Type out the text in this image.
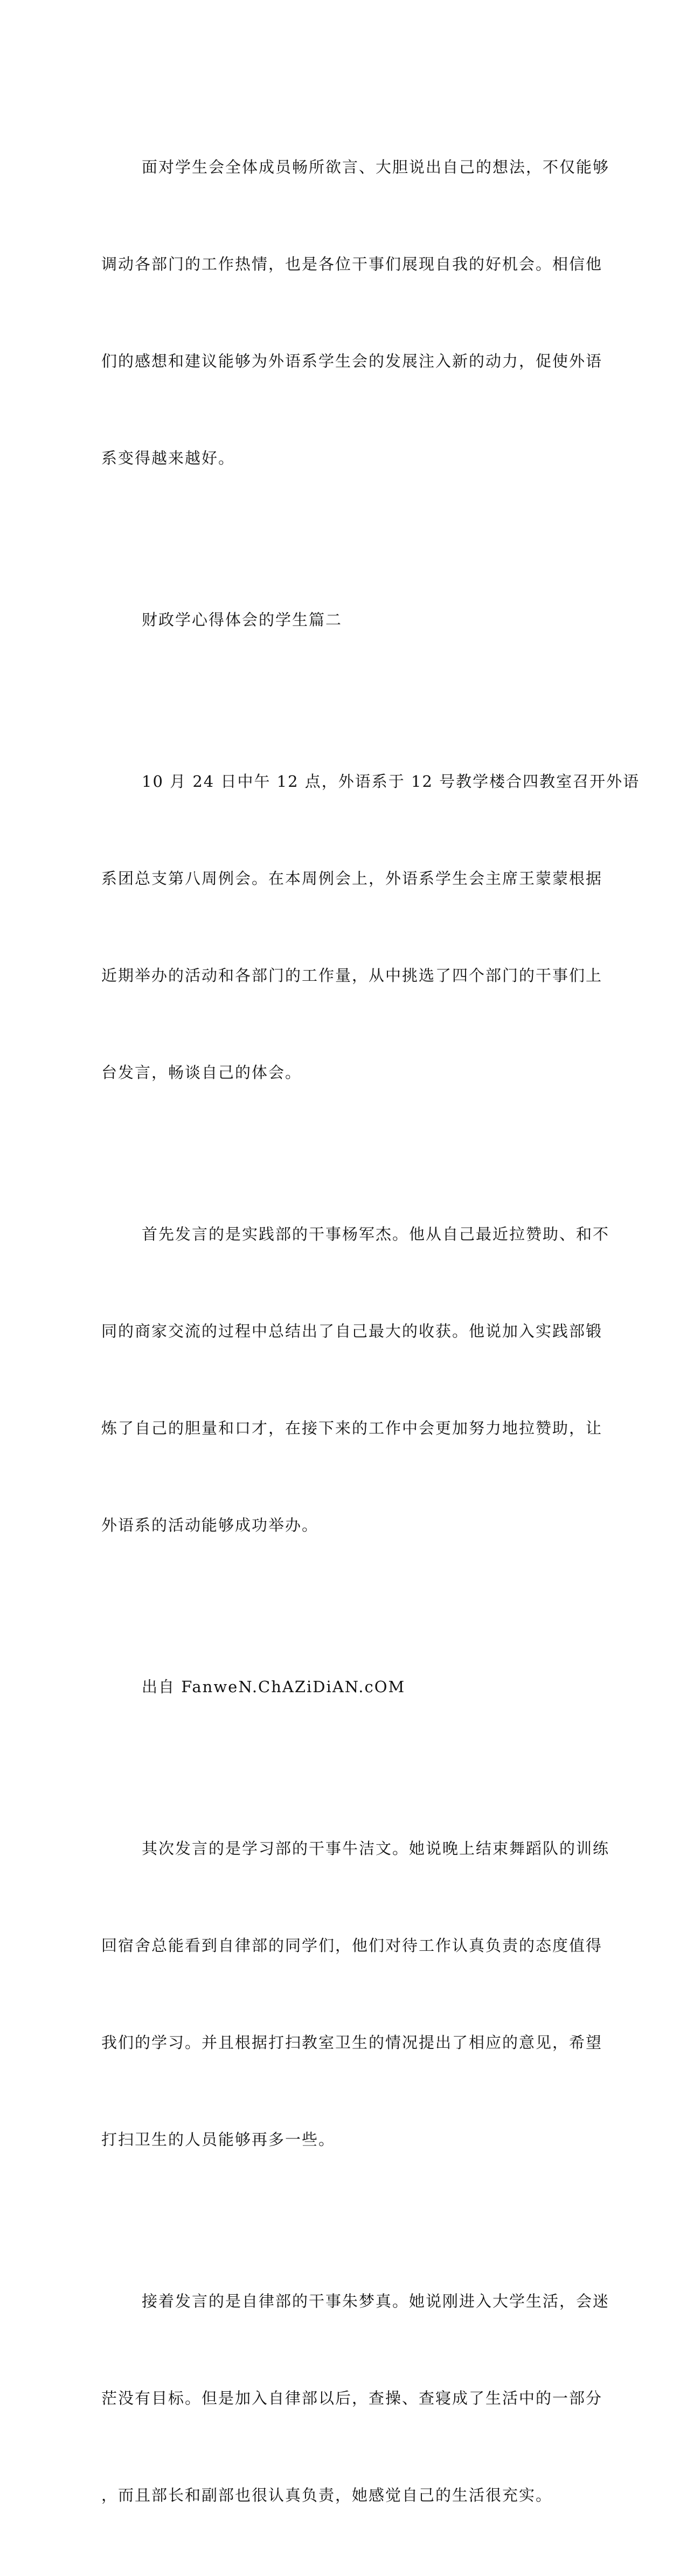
面对学生会全体成员畅所欲言、大胆说出自己的想法，不仅能够

调动各部门的工作热情，也是各位干事们展现自我的好机会。相信他

们的感想和建议能够为外语系学生会的发展注入新的动力，促使外语

系变得越来越好。

财政学心得体会的学生篇二

10 月 24 日中午 12 点，外语系于 12 号教学楼合四教室召开外语

系团总支第八周例会。在本周例会上，外语系学生会主席王蒙蒙根据

近期举办的活动和各部门的工作量，从中挑选了四个部门的干事们上

台发言，畅谈自己的体会。

首先发言的是实践部的干事杨军杰。他从自己最近拉赞助、和不

同的商家交流的过程中总结出了自己最大的收获。他说加入实践部锻

炼了自己的胆量和口才，在接下来的工作中会更加努力地拉赞助，让

外语系的活动能够成功举办。

出自 FanweN.ChAZiDiAN.cOM

其次发言的是学习部的干事牛洁文。她说晚上结束舞蹈队的训练

回宿舍总能看到自律部的同学们，他们对待工作认真负责的态度值得

我们的学习。并且根据打扫教室卫生的情况提出了相应的意见，希望

打扫卫生的人员能够再多一些。

接着发言的是自律部的干事朱梦真。她说刚进入大学生活，会迷

茫没有目标。但是加入自律部以后，查操、查寝成了生活中的一部分

，而且部长和副部也很认真负责，她感觉自己的生活很充实。
